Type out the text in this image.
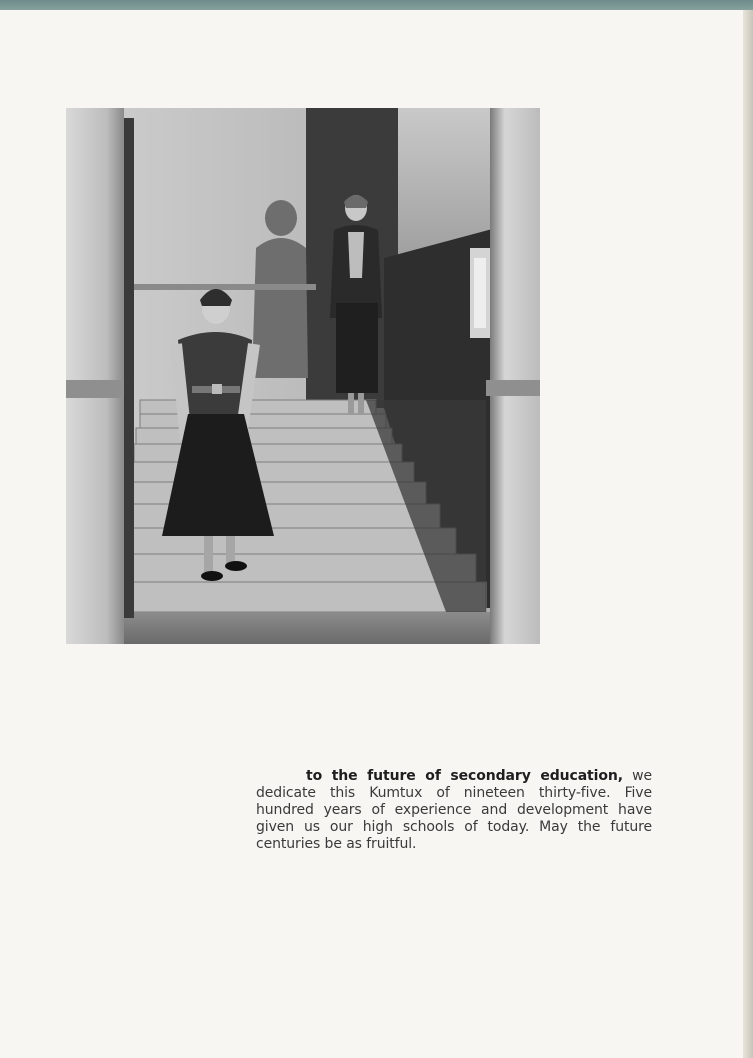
to the future of secondary education, we dedicate this Kumtux of nineteen thirty-five. Five hundred years of experience and development have given us our high schools of today. May the future centuries be as fruitful.
